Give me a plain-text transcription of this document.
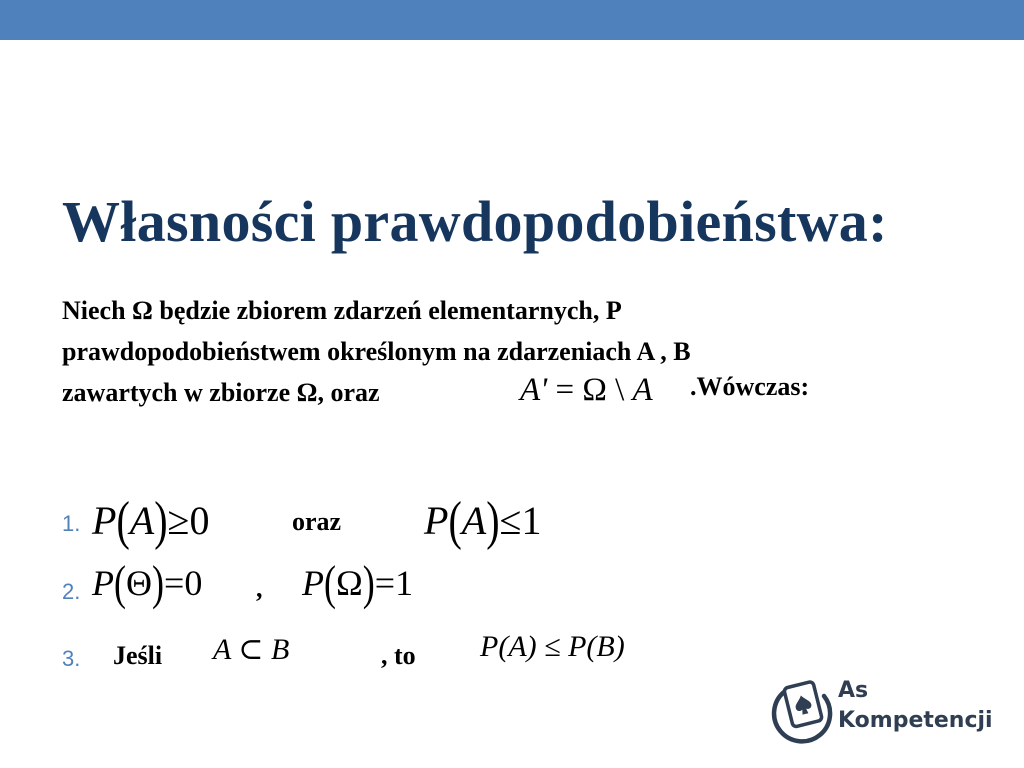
Własności prawdopodobieństwa:
Niech Ω będzie zbiorem zdarzeń elementarnych, P
prawdopodobieństwem określonym na zdarzeniach A , B
zawartych w zbiorze Ω, oraz	A' = Ω \ A .Wówczas:
1. P(A)≥0	oraz P(A)≤1
2. P(Θ)=0 , P(Ω)=1
3. Jeśli A ⊂ B	, to P(A) ≤ P(B)
As
Kompetencji
